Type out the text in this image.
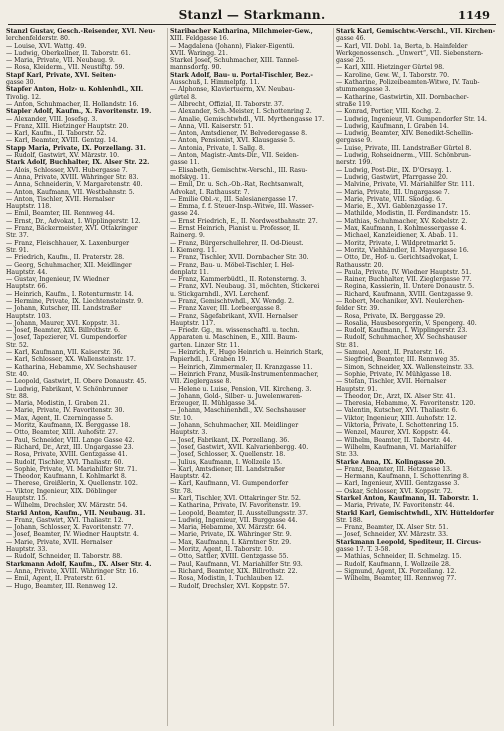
Stanzl — Starkmann.	1149
Stanzl Gustav, Gesch.-Reisender, XVI. Neu-
lerchenfelderstr. 80.
— Louise, XVI. Wattg. 49.
— Ludwig, Oberkellner, II. Taborstr. 61.
— Maria, Private, VII. Neubaug. 9.
— Rosa, Kleiderm., VII. Neustiftg. 59.
Stapf Karl, Private, XVI. Seiten-
gasse 30.
Stapfer Anton, Holz- u. Kohlenhdl., XII.
Tivolig. 12.
— Anton, Schuhmacher, II. Hollandstr. 16.
Stapler Adolf, Kaufm., X. Favoritenstr. 19.
— Alexander, VIII. Josefsg. 3.
— Franz, XIII. Hietzinger Hauptstr. 20.
— Karl, Kaufm., II. Taborstr. 52.
— Karl, Beamter, XVIII. Gentzg. 14.
Stapp Maria, Private, IX. Porzellang. 31.
— Rudolf, Gastwirt, XV. Märzstr. 10.
Stark Adolf, Buchhalter, IX. Alser Str. 22.
— Alois, Schlosser, XVI. Hubergasse 7.
— Anna, Private, XVIII. Währinger Str. 83.
— Anna, Schneiderin, V. Margaretenstr. 40.
— Anton, Kaufmann, VII. Westbahnstr. 5.
— Anton, Tischler, XVII. Hernalser
Hauptstr. 118.
— Emil, Beamter, III. Rennweg 44.
— Ernst, Dr., Advokat, I. Wipplingerstr. 12.
— Franz, Bäckermeister, XVI. Ottakringer
Str. 37.
— Franz, Fleischhauer, X. Laxenburger
Str. 91.
— Friedrich, Kaufm., II. Praterstr. 28.
— Georg, Schuhmacher, XII. Meidlinger
Hauptstr. 44.
— Gustav, Ingenieur, IV. Wiedner
Hauptstr. 66.
— Heinrich, Kaufm., I. Rotenturmstr. 14.
— Hermine, Private, IX. Liechtensteinstr. 9.
— Johann, Kutscher, III. Landstraßer
Hauptstr. 103.
— Johann, Maurer, XVI. Koppstr. 31.
— Josef, Beamter, XIX. Billrothstr. 6.
— Josef, Tapezierer, VI. Gumpendorfer
Str. 52.
— Karl, Kaufmann, VII. Kaiserstr. 36.
— Karl, Schlosser, XX. Wallensteinstr. 17.
— Katharina, Hebamme, XV. Sechshauser
Str. 40.
— Leopold, Gastwirt, II. Obere Donaustr. 45.
— Ludwig, Fabrikant, V. Schönbrunner
Str. 88.
— Maria, Modistin, I. Graben 21.
— Marie, Private, IV. Favoritenstr. 30.
— Max, Agent, II. Czerningasse 5.
— Moritz, Kaufmann, IX. Berggasse 18.
— Otto, Beamter, XIII. Auhofstr. 27.
— Paul, Schneider, VIII. Lange Gasse 42.
— Richard, Dr., Arzt, III. Ungargasse 23.
— Rosa, Private, XVIII. Gentzgasse 41.
— Rudolf, Tischler, XVI. Thaliastr. 60.
— Sophie, Private, VI. Mariahilfer Str. 71.
— Theodor, Kaufmann, I. Kohlmarkt 8.
— Therese, Greißlerin, X. Quellenstr. 102.
— Viktor, Ingenieur, XIX. Döblinger
Hauptstr. 15.
— Wilhelm, Drechsler, XV. Märzstr. 54.
Starkl Anton, Kaufm., VII. Neubaug. 31.
— Franz, Gastwirt, XVI. Thaliastr. 12.
— Johann, Schlosser, X. Favoritenstr. 77.
— Josef, Beamter, IV. Wiedner Hauptstr. 4.
— Marie, Private, XVII. Hernalser
Hauptstr. 33.
— Rudolf, Schneider, II. Taborstr. 88.
Starkmann Adolf, Kaufm., IX. Alser Str. 4.
— Anna, Private, XVIII. Währinger Str. 16.
— Emil, Agent, II. Praterstr. 61.
— Hugo, Beamter, III. Rennweg 12.
Staribacher Katharina, Milchmeier-Gew.,
XIII. Feldgasse 16.
— Magdalena (Johann), Fiaker-Eigentü.
XVII. Waringg. 21.
Starkel Josef, Schuhmacher, XIII. Tannel-
mannsdorfg. 90.
Stark Adolf, Bau- u. Portal-Tischler, Bez.-
Ausschuß, I. Himmelpfg. 11.
— Alphonse, Klaviertuerm, XV. Neubau-
gürtel 8.
— Albrecht, Offizial, II. Taborstr. 37.
— Alexander, Sch.-Meister, I. Schottenring 2.
— Amalie, Gemischtwhdl., VII. Myrthengasse 17.
— Anna, VII. Kaiserstr. 51.
— Anton, Amtsdiener, IV. Belvederegasse 8.
— Anton, Pensionist, XVI. Klausgasse 5.
— Antonia, Private, I. Sallg. 8.
— Anton, Magistr.-Amts-Dir., VII. Seiden-
gasse 11.
— Elisabeth, Gemischtw.-Verschl., III. Rasu-
mofskyg. 11.
— Emil, Dr. u. Sch.-Ob.-Rat, Rechtsanwalt,
Advokat, I. Rathausstr. 7.
— Emilie Obl.-v., III. Salesianergasse 17.
— Emma, f. f. Steuer-Insp.-Witwe, III. Wasser-
gasse 24.
— Ernst Friedrich, E., II. Nordwestbahnstr. 27.
— Ernst Heinrich, Pianist u. Professor, II.
Rainerg. 9.
— Franz, Bürgerschullehrer, II. Od-Dieust.
I. Kiemerg. 11.
— Franz, Tischler, XVII. Dornbacher Str. 30.
— Franz, Bau- u. Möbel-Tischler, I. Hel-
denplatz 11.
— Franz, Kammerbüdtl., II. Rotensterng. 3.
— Franz, XVI. Neubaug. 31, möchten, Stickerei
u. Stickgarnhdl., XVI. Lerchenf.
— Franz, Gemischtwhdl., XV. Wendg. 2.
— Franz Xaver, III. Lorbeergasse 8.
— Franz, Sägefabrikant, XVII. Hernalser
Hauptstr. 117.
— Friedr. Gg., m. wissenschaftl. u. techn.
Apparaten u. Maschinen, E., XIII. Baum-
garten. Linzer Str. 11.
— Heinrich, F., Hugo Heinrich u. Heinrich Stark,
Papierhdl., I. Graben 19.
— Heinrich, Zimmermaler, II. Kranzgasse 11.
— Heinrich Franz, Musik-Instrumentenmacher,
VII. Zieglergasse 8.
— Helene u. Luise, Pension, VII. Kircheng. 3.
— Johann, Gold-, Silber- u. Juwelenwaren-
Erzeuger, II. Mühlgasse 34.
— Johann, Maschinenhdl., XV. Sechshauser
Str. 10.
— Johann, Schuhmacher, XII. Meidlinger
Hauptstr. 3.
— Josef, Fabrikant, IX. Porzellang. 36.
— Josef, Gastwirt, XVII. Kalvarienbergg. 40.
— Josef, Schlosser, X. Quellenstr. 18.
— Julius, Kaufmann, I. Wollzeile 15.
— Karl, Amtsdiener, III. Landstraßer
Hauptstr. 42.
— Karl, Kaufmann, VI. Gumpendorfer
Str. 78.
— Karl, Tischler, XVI. Ottakringer Str. 52.
— Katharina, Private, IV. Favoritenstr. 19.
— Leopold, Beamter, II. Ausstellungsstr. 37.
— Ludwig, Ingenieur, VII. Burggasse 44.
— Maria, Hebamme, XV. Märzstr. 64.
— Marie, Private, IX. Währinger Str. 9.
— Max, Kaufmann, I. Kärntner Str. 29.
— Moritz, Agent, II. Taborstr. 10.
— Otto, Sattler, XVIII. Gentzgasse 55.
— Paul, Kaufmann, VI. Mariahilfer Str. 93.
— Richard, Beamter, XIX. Billrothstr. 22.
— Rosa, Modistin, I. Tuchlauben 12.
— Rudolf, Drechsler, XVI. Koppstr. 57.
Stark Karl, Gemischtw.-Verschl., VII. Kirchen-
gasse 46.
— Karl, VII. Dobl. 1a, Berta, b. Hainfelder
Werkgenossensch. „Unwert“, VII. Siebenstern-
gasse 25.
— Karl, XIII. Hietzinger Gürtel 98.
— Karoline, Gew. W., I. Taborstr. 70.
— Katharine, Polizeibeamten-Witwe, IV. Taub-
stummengasse 3.
— Katharine, Gastwirtin, XII. Dornbacher-
straße 119.
— Konrad, Portier, VIII. Kochg. 2.
— Ludwig, Ingenieur, VI. Gumpendorfer Str. 14.
— Ludwig, Kaufmann, I. Graben 14.
— Ludwig, Beamter, XIV. Benedikt-Schellin-
gergasse 9.
— Luise, Private, III. Landstraßer Gürtel 8.
— Ludwig, Rohseidnerm., VIII. Schönbrun-
nerstr. 199.
— Ludwig, Post-Dir., IX. D'Orsayg. 1.
— Ludwig, Gastwirt, Pfarrgasse 20.
— Malvine, Private, VI. Mariahilfer Str. 111.
— Maria, Private, III. Ungargasse 7.
— Marie, Private, VIII. Skodag. 6.
— Marie, E., XVI. Gablenzgasse 17.
— Mathilde, Modistin, II. Ferdinandstr. 15.
— Mathias, Schuhmacher, XV. Kobelstr. 2.
— Max, Kaufmann, I. Kohlmessergasse 4.
— Michael, Kanzleidiener, X. Abab. 11.
— Moritz, Private, I. Wildpretmarkt 5.
— Moritz, Viehhändler, II. Mayergasse 16.
— Otto, Dr., Hof- u. Gerichtsadvokat, I.
Rathausstr. 20.
— Paula, Private, IV. Wiedner Hauptstr. 51.
— Rainer, Buchhalter, VII. Zieglergasse 77.
— Regina, Kassierin, II. Untere Donaustr. 5.
— Richard, Kaufmann, XVIII. Gentzgasse 9.
— Robert, Mechaniker, XVI. Neulerchen-
felder Str. 39.
— Rosa, Private, IX. Berggasse 29.
— Rosalia, Hausbesorgerin, V. Spengerg. 40.
— Rudolf, Kaufmann, I. Wipplingerstr. 23.
— Rudolf, Schuhmacher, XV. Sechshauser
Str. 81.
— Samuel, Agent, II. Praterstr. 16.
— Siegfried, Beamter, III. Rennweg 35.
— Simon, Schneider, XX. Wallensteinstr. 33.
— Sophie, Private, IV. Mühlgasse 18.
— Stefan, Tischler, XVII. Hernalser
Hauptstr. 91.
— Theodor, Dr., Arzt, IX. Alser Str. 41.
— Theresia, Hebamme, X. Favoritenstr. 120.
— Valentin, Kutscher, XVI. Thaliastr. 6.
— Viktor, Ingenieur, XIII. Auhofstr. 12.
— Viktoria, Private, I. Schottenring 15.
— Wenzel, Maurer, XVI. Koppstr. 44.
— Wilhelm, Beamter, II. Taborstr. 44.
— Wilhelm, Kaufmann, VI. Mariahilfer
Str. 33.
Starke Anna, IX. Kolingasse 20.
— Franz, Beamter, III. Hetzgasse 13.
— Hermann, Kaufmann, I. Schottenring 8.
— Karl, Ingenieur, XVIII. Gentzgasse 3.
— Oskar, Schlosser, XVI. Koppstr. 72.
Starkel Anton, Kaufmann, II. Taborstr. 1.
— Maria, Private, IV. Favoritenstr. 44.
Starkl Karl, Gemischtwhdl., XIV. Hütteldorfer
Str. 188.
— Franz, Beamter, IX. Alser Str. 51.
— Josef, Schneider, XV. Märzstr. 33.
Starkmann Leopold, Spediteur, II. Circus-
gasse 17. T. 3-58.
— Mathias, Schneider, II. Schmelzg. 15.
— Rudolf, Kaufmann, I. Wollzeile 28.
— Sigmund, Agent, IX. Porzellang. 12.
— Wilhelm, Beamter, III. Rennweg 77.
